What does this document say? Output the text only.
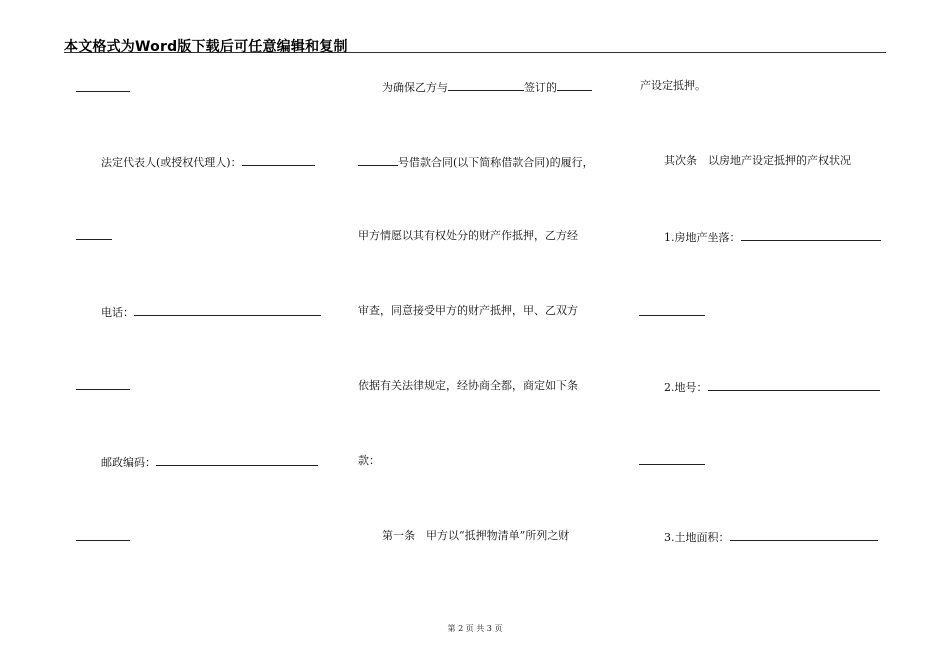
本文格式为Word版下载后可任意编辑和复制
法定代表人(或授权代理人)：
电话：
邮政编码：
为确保乙方与	签订的
号借款合同(以下简称借款合同)的履行，
甲方情愿以其有权处分的财产作抵押，乙方经
审查，同意接受甲方的财产抵押，甲、乙双方
依据有关法律规定，经协商全都，商定如下条
款：
第一条　甲方以“抵押物清单”所列之财
产设定抵押。
其次条　以房地产设定抵押的产权状况
1.房地产坐落：
2.地号：
3.土地面积：
第 2 页 共 3 页
